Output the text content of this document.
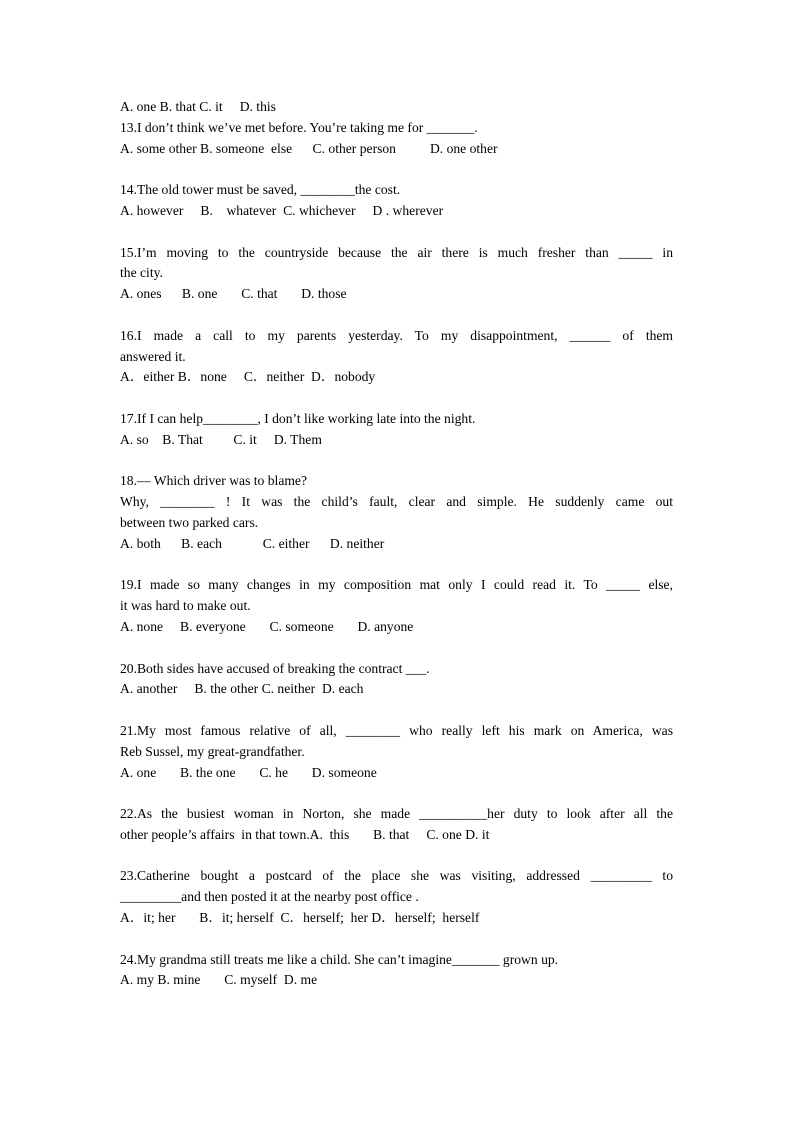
A. one B. that C. it     D. this
13.I don’t think we’ve met before. You’re taking me for _______.
A. some other B. someone  else      C. other person          D. one other
14.The old tower must be saved, ________the cost.
A. however     B.    whatever  C. whichever     D . wherever
15.I’m moving to the countryside because the air there is much fresher than _____ in
the city.
A. ones      B. one       C. that       D. those
16.I made a call to my parents yesterday. To my disappointment, ______ of them
answered it.
A．either B．none     C．neither  D．nobody
17.If I can help________, I don’t like working late into the night.
A. so    B. That         C. it     D. Them
18.— Which driver was to blame?
Why, ________ ! It was the child’s fault, clear and simple. He suddenly came out
between two parked cars.
A. both      B. each            C. either      D. neither
19.I made so many changes in my composition mat only I could read it. To _____ else,
it was hard to make out.
A. none     B. everyone       C. someone       D. anyone
20.Both sides have accused of breaking the contract ___.
A. another     B. the other C. neither  D. each
21.My most famous relative of all, ________ who really left his mark on America, was
Reb Sussel, my great-grandfather.
A. one       B. the one       C. he       D. someone
22.As the busiest woman in Norton, she made __________her duty to look after all the
other people’s affairs  in that town.A.  this       B. that     C. one D. it
23.Catherine bought a postcard of the place she was visiting, addressed _________ to
_________and then posted it at the nearby post office .
A．it; her       B．it; herself  C．herself;  her D．herself;  herself
24.My grandma still treats me like a child. She can’t imagine_______ grown up.
A. my B. mine       C. myself  D. me
